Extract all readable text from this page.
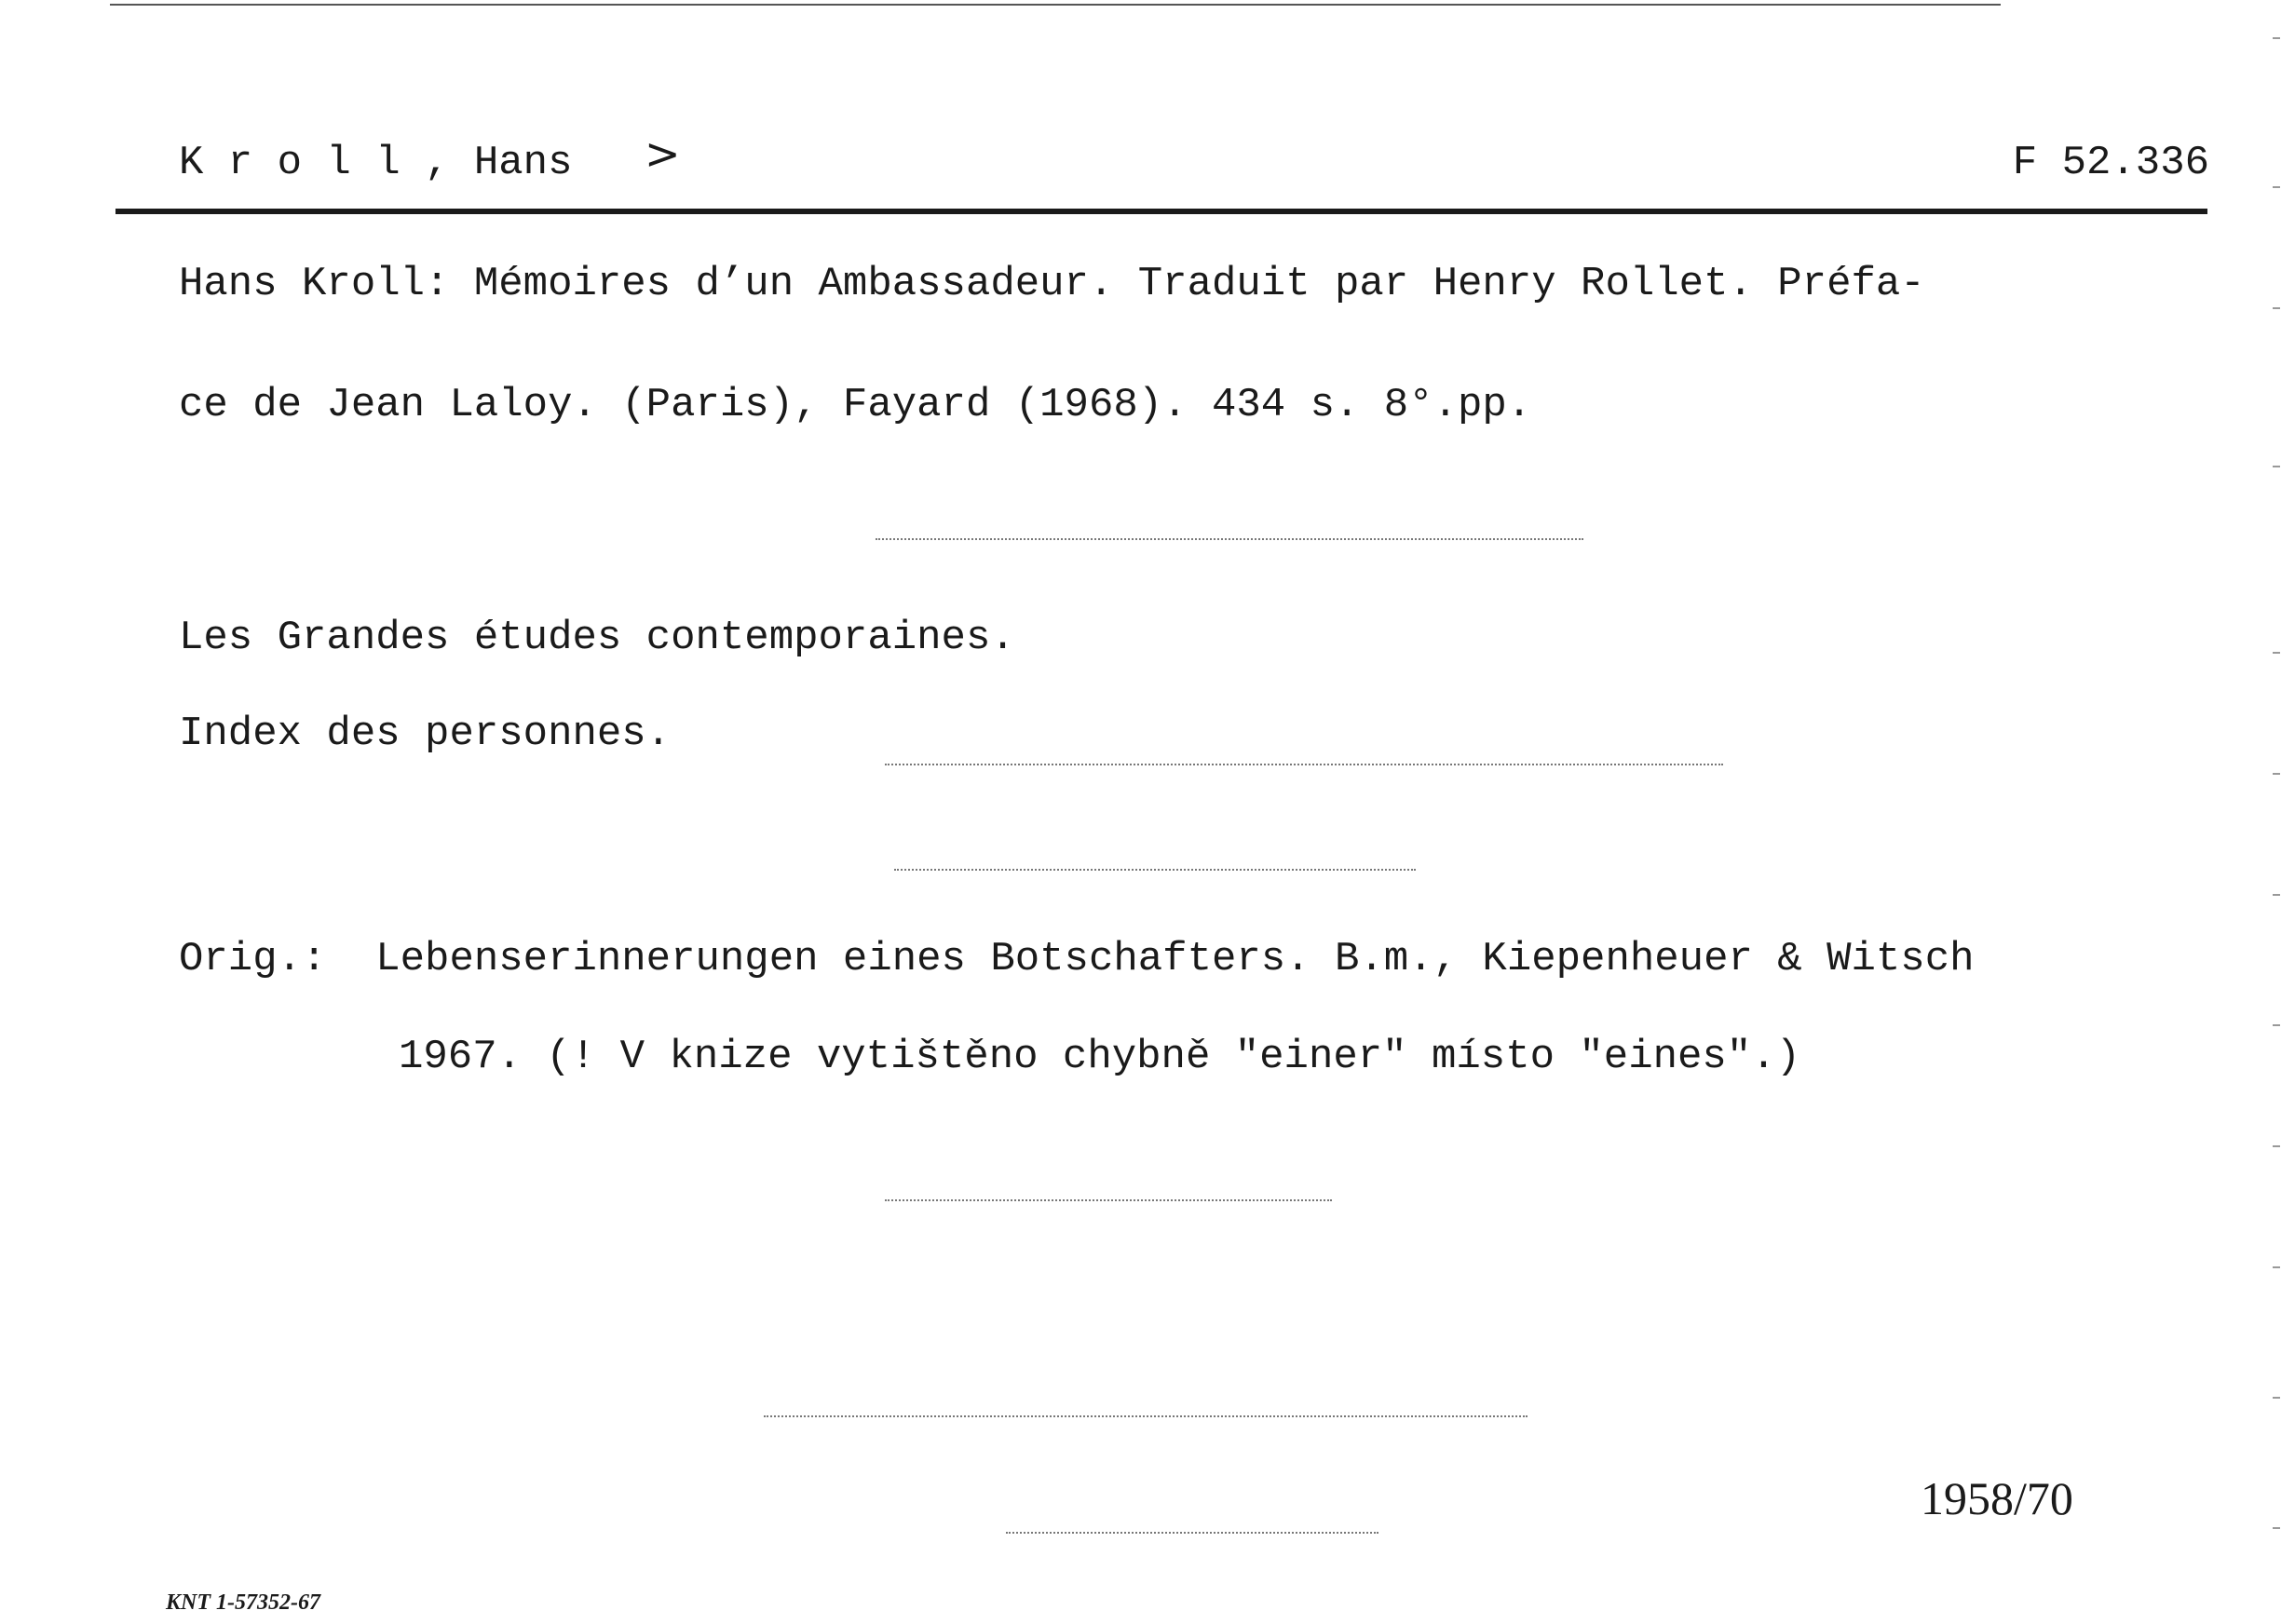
K r o l l , Hans >	F 52.336
Hans Kroll: Mémoires d’un Ambassadeur. Traduit par Henry Rollet. Préfa-
ce de Jean Laloy. (Paris), Fayard (1968). 434 s. 8°.pp.
Les Grandes études contemporaines.
Index des personnes.
Orig.:  Lebenserinnerungen eines Botschafters. B.m., Kiepenheuer & Witsch
1967. (! V knize vytištěno chybně "einer" místo "eines".)
1958/70
KNT 1-57352-67
